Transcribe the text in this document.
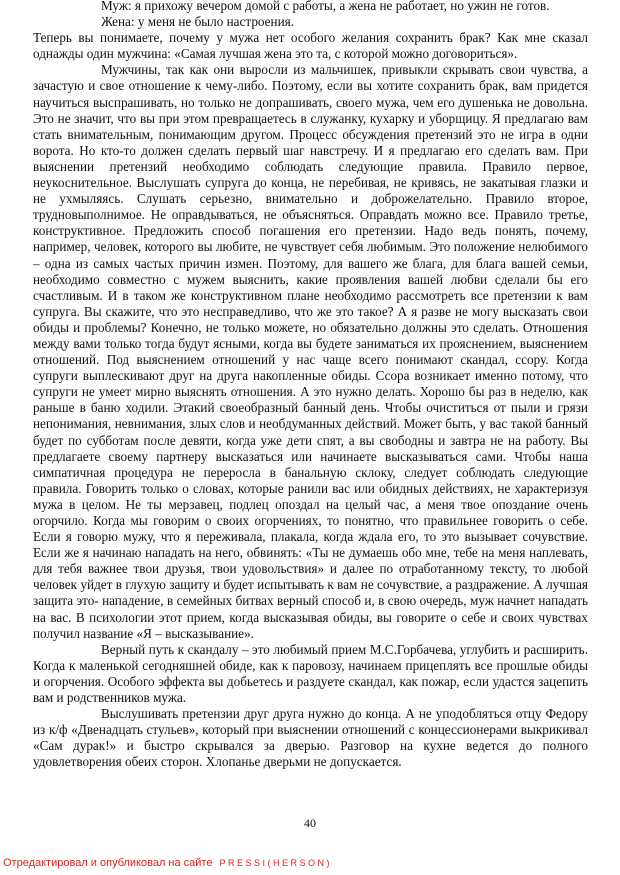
Муж: я прихожу вечером домой с работы, а жена не работает, но ужин не готов.

Жена: у меня не было настроения.

Теперь вы понимаете, почему у мужа нет особого желания сохранить брак? Как мне сказал однажды один мужчина: «Самая лучшая жена это та, с которой можно договориться».

Мужчины, так как они выросли из мальчишек, привыкли скрывать свои чувства, а зачастую и свое отношение к чему-либо. Поэтому, если вы хотите сохранить брак, вам придется научиться выспрашивать, но только не допрашивать, своего мужа, чем его душенька не довольна. Это не значит, что вы при этом превращаетесь в служанку, кухарку и уборщицу. Я предлагаю вам стать внимательным, понимающим другом. Процесс обсуждения претензий это не игра в одни ворота. Но кто-то должен сделать первый шаг навстречу. И я предлагаю его сделать вам. При выяснении претензий необходимо соблюдать следующие правила. Правило первое, неукоснительное. Выслушать супруга до конца, не перебивая, не кривясь, не закатывая глазки и не ухмыляясь. Слушать серьезно, внимательно и доброжелательно. Правило второе, трудновыполнимое. Не оправдываться, не объясняться. Оправдать можно все. Правило третье, конструктивное. Предложить способ погашения его претензии. Надо ведь понять, почему, например, человек, которого вы любите, не чувствует себя любимым. Это положение нелюбимого – одна из самых частых причин измен. Поэтому, для вашего же блага, для блага вашей семьи, необходимо совместно с мужем выяснить, какие проявления вашей любви сделали бы его счастливым. И в таком же конструктивном плане необходимо рассмотреть все претензии к вам супруга. Вы скажите, что это несправедливо, что же это такое? А я разве не могу высказать свои обиды и проблемы? Конечно, не только можете, но обязательно должны это сделать. Отношения между вами только тогда будут ясными, когда вы будете заниматься их прояснением, выяснением отношений. Под выяснением отношений у нас чаще всего понимают скандал, ссору. Когда супруги выплескивают друг на друга накопленные обиды. Ссора возникает именно потому, что супруги не умеет мирно выяснять отношения. А это нужно делать. Хорошо бы раз в неделю, как раньше в баню ходили. Этакий своеобразный банный день. Чтобы очиститься от пыли и грязи непонимания, невнимания, злых слов и необдуманных действий. Может быть, у вас такой банный будет по субботам после девяти, когда уже дети спят, а вы свободны и завтра не на работу. Вы предлагаете своему партнеру высказаться или начинаете высказываться сами. Чтобы наша симпатичная процедура не переросла в банальную склоку, следует соблюдать следующие правила. Говорить только о словах, которые ранили вас или обидных действиях, не характеризуя мужа в целом. Не ты мерзавец, подлец опоздал на целый час, а меня твое опоздание очень огорчило. Когда мы говорим о своих огорчениях, то понятно, что правильнее говорить о себе. Если я говорю мужу, что я переживала, плакала, когда ждала его, то это вызывает сочувствие. Если же я начинаю нападать на него, обвинять: «Ты не думаешь обо мне, тебе на меня наплевать, для тебя важнее твои друзья, твои удовольствия» и далее по отработанному тексту, то любой человек уйдет в глухую защиту и будет испытывать к вам не сочувствие, а раздражение. А лучшая защита это- нападение, в семейных битвах верный способ и, в свою очередь, муж начнет нападать на вас. В психологии этот прием, когда высказывая обиды, вы говорите о себе и своих чувствах получил название «Я – высказывание».

Верный путь к скандалу – это любимый прием М.С.Горбачева, углубить и расширить. Когда к маленькой сегодняшней обиде, как к паровозу, начинаем прицеплять все прошлые обиды и огорчения. Особого эффекта вы добьетесь и раздуете скандал, как пожар, если удастся зацепить вам и родственников мужа.

Выслушивать претензии друг друга нужно до конца. А не уподобляться отцу Федору из к/ф «Двенадцать стульев», который при выяснении отношений с концессионерами выкрикивал «Сам дурак!» и быстро скрывался за дверью. Разговор на кухне ведется до полного удовлетворения обеих сторон. Хлопанье дверьми не допускается.

40
Отредактировал и опубликовал на сайте PRESSI(HERSON)
